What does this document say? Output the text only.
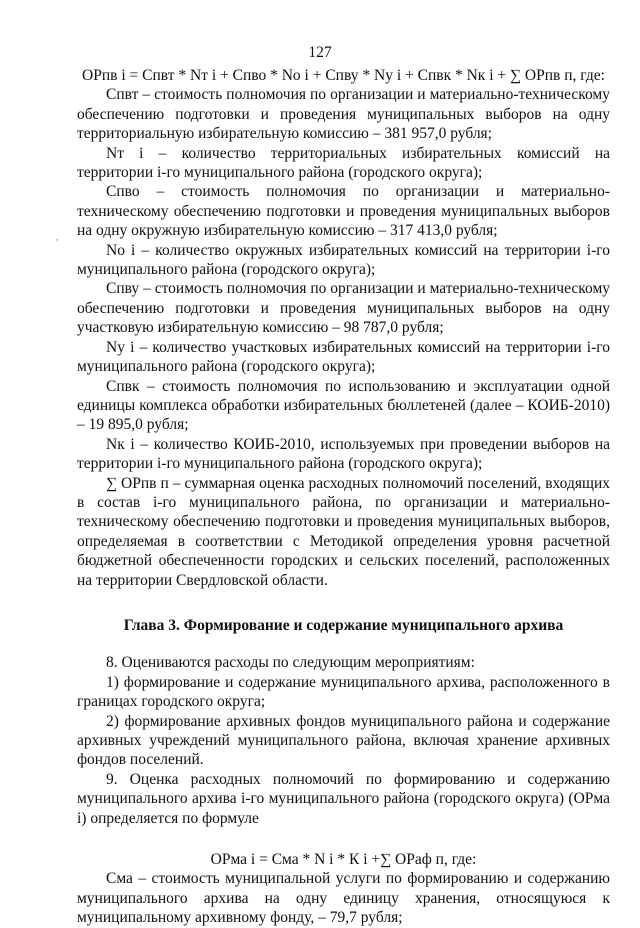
,
127

ОРпв i = Спвт * Nт i + Спво * Nо i + Спву * Ny i + Спвк * Nк i + ∑ ОРпв п, где:

Спвт – стоимость полномочия по организации и материально-техническому обеспечению подготовки и проведения муниципальных выборов на одну территориальную избирательную комиссию – 381 957,0 рубля;

Nт i – количество территориальных избирательных комиссий на территории i-го муниципального района (городского округа);

Спво – стоимость полномочия по организации и материально-техническому обеспечению подготовки и проведения муниципальных выборов на одну окружную избирательную комиссию – 317 413,0 рубля;

Nо i – количество окружных избирательных комиссий на территории i-го муниципального района (городского округа);

Спву – стоимость полномочия по организации и материально-техническому обеспечению подготовки и проведения муниципальных выборов на одну участковую избирательную комиссию – 98 787,0 рубля;

Ny i – количество участковых избирательных комиссий на территории i-го муниципального района (городского округа);

Спвк – стоимость полномочия по использованию и эксплуатации одной единицы комплекса обработки избирательных бюллетеней (далее – КОИБ-2010) – 19 895,0 рубля;

Nк i – количество КОИБ-2010, используемых при проведении выборов на территории i-го муниципального района (городского округа);

∑ ОРпв п – суммарная оценка расходных полномочий поселений, входящих в состав i-го муниципального района, по организации и материально-техническому обеспечению подготовки и проведения муниципальных выборов, определяемая в соответствии с Методикой определения уровня расчетной бюджетной обеспеченности городских и сельских поселений, расположенных на территории Свердловской области.

Глава 3. Формирование и содержание муниципального архива

8. Оцениваются расходы по следующим мероприятиям:

1) формирование и содержание муниципального архива, расположенного в границах городского округа;

2) формирование архивных фондов муниципального района и содержание архивных учреждений муниципального района, включая хранение архивных фондов поселений.

9. Оценка расходных полномочий по формированию и содержанию муниципального архива i-го муниципального района (городского округа) (ОРма i) определяется по формуле

ОРма i = Сма * N i * К i +∑ ОРаф п, где:

Сма – стоимость муниципальной услуги по формированию и содержанию муниципального архива на одну единицу хранения, относящуюся к муниципальному архивному фонду, – 79,7 рубля;
